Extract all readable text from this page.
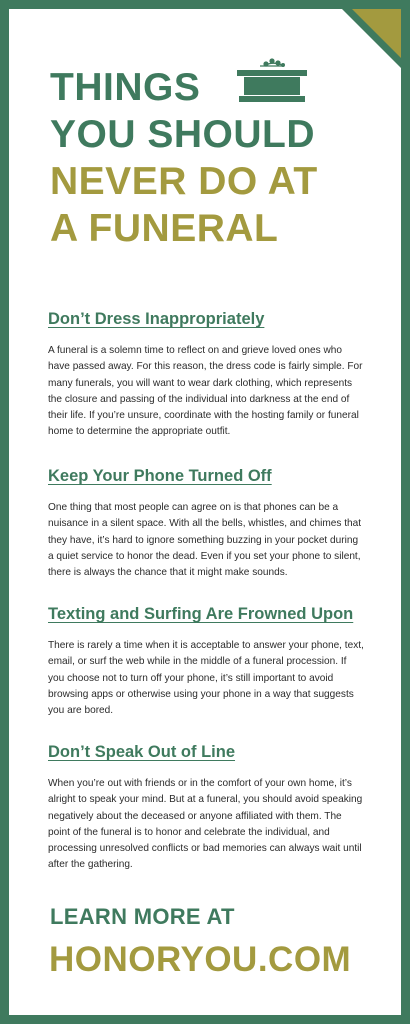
THINGS
YOU SHOULD
NEVER DO AT
A FUNERAL
Don’t Dress Inappropriately

A funeral is a solemn time to reflect on and grieve loved ones who have passed away. For this reason, the dress code is fairly simple. For many funerals, you will want to wear dark clothing, which represents the closure and passing of the individual into darkness at the end of their life. If you’re unsure, coordinate with the hosting family or funeral home to determine the appropriate outfit.

Keep Your Phone Turned Off

One thing that most people can agree on is that phones can be a nuisance in a silent space. With all the bells, whistles, and chimes that they have, it’s hard to ignore something buzzing in your pocket during a quiet service to honor the dead. Even if you set your phone to silent, there is always the chance that it might make sounds.

Texting and Surfing Are Frowned Upon

There is rarely a time when it is acceptable to answer your phone, text, email, or surf the web while in the middle of a funeral procession. If you choose not to turn off your phone, it’s still important to avoid browsing apps or otherwise using your phone in a way that suggests you are bored.

Don’t Speak Out of Line

When you’re out with friends or in the comfort of your own home, it’s alright to speak your mind. But at a funeral, you should avoid speaking negatively about the deceased or anyone affiliated with them. The point of the funeral is to honor and celebrate the individual, and processing unresolved conflicts or bad memories can always wait until after the gathering.

LEARN MORE AT

HONORYOU.COM
